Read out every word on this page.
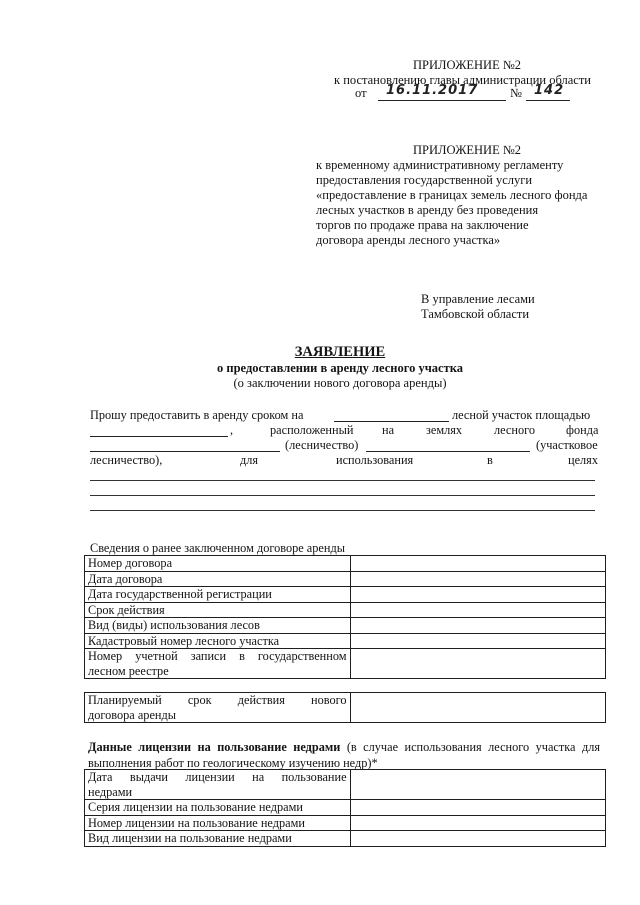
ПРИЛОЖЕНИЕ №2
к постановлению главы администрации области
от 16.11.2017	№ 142
ПРИЛОЖЕНИЕ №2
к временному административному регламенту
предоставления государственной услуги
«предоставление в границах земель лесного фонда
лесных участков в аренду без проведения
торгов по продаже права на заключение
договора аренды лесного участка»
В управление лесами
Тамбовской области
ЗАЯВЛЕНИЕ
о предоставлении в аренду лесного участка
(о заключении нового договора аренды)
Прошу предоставить в аренду сроком на	лесной участок площадью
,	расположенный на	землях	лесного	фонда
(лесничество)	(участковое
лесничество),	для	использования	в	целях
Сведения о ранее заключенном договоре аренды
Номер договора	
Дата договора	
Дата государственной регистрации	
Срок действия	
Вид (виды) использования лесов	
Кадастровый номер лесного участка	

Номер учетной записи в государственном
лесном реестре	

Планируемый срок действия нового
договора аренды

Данные лицензии на пользование недрами (в случае использования лесного участка для
выполнения работ по геологическому изучению недр)*
Дата выдачи лицензии на пользование
недрами	

Серия лицензии на пользование недрами	
Номер лицензии на пользование недрами	
Вид лицензии на пользование недрами	
